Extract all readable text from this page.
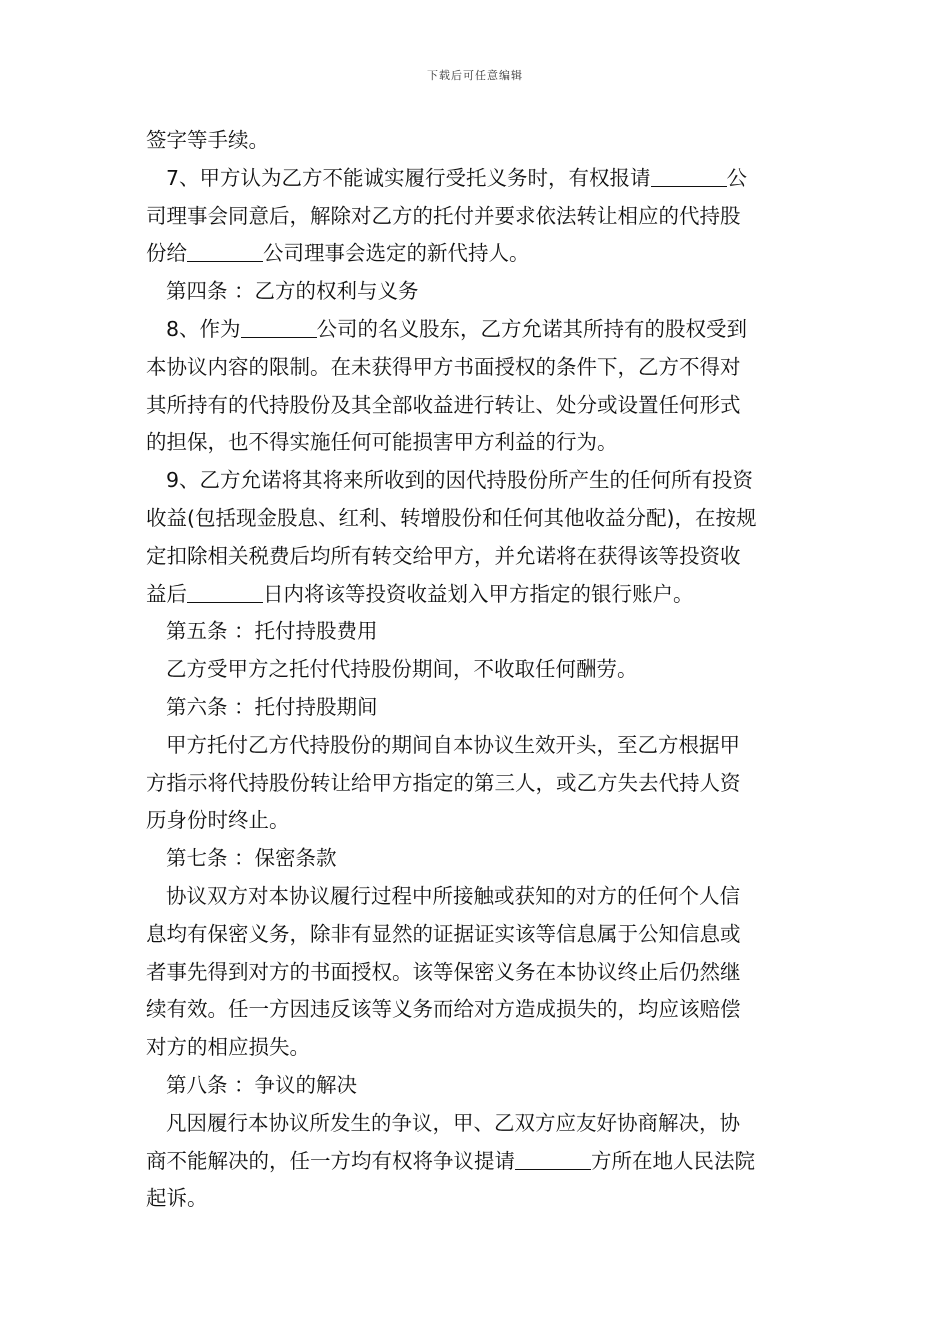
下载后可任意编辑
签字等手续。
7、甲方认为乙方不能诚实履行受托义务时，有权报请	公
司理事会同意后，解除对乙方的托付并要求依法转让相应的代持股
份给	公司理事会选定的新代持人。
第四条 ：乙方的权利与义务
8、作为	公司的名义股东，乙方允诺其所持有的股权受到
本协议内容的限制。在未获得甲方书面授权的条件下，乙方不得对
其所持有的代持股份及其全部收益进行转让、处分或设置任何形式
的担保，也不得实施任何可能损害甲方利益的行为。
9、乙方允诺将其将来所收到的因代持股份所产生的任何所有投资
收益(包括现金股息、红利、转增股份和任何其他收益分配)，在按规
定扣除相关税费后均所有转交给甲方，并允诺将在获得该等投资收
益后	日内将该等投资收益划入甲方指定的银行账户。
第五条 ：托付持股费用
乙方受甲方之托付代持股份期间，不收取任何酬劳。
第六条 ：托付持股期间
甲方托付乙方代持股份的期间自本协议生效开头，至乙方根据甲
方指示将代持股份转让给甲方指定的第三人，或乙方失去代持人资
历身份时终止。
第七条 ：保密条款
协议双方对本协议履行过程中所接触或获知的对方的任何个人信
息均有保密义务，除非有显然的证据证实该等信息属于公知信息或
者事先得到对方的书面授权。该等保密义务在本协议终止后仍然继
续有效。任一方因违反该等义务而给对方造成损失的，均应该赔偿
对方的相应损失。
第八条 ：争议的解决
凡因履行本协议所发生的争议，甲、乙双方应友好协商解决，协
商不能解决的，任一方均有权将争议提请	方所在地人民法院
起诉。
